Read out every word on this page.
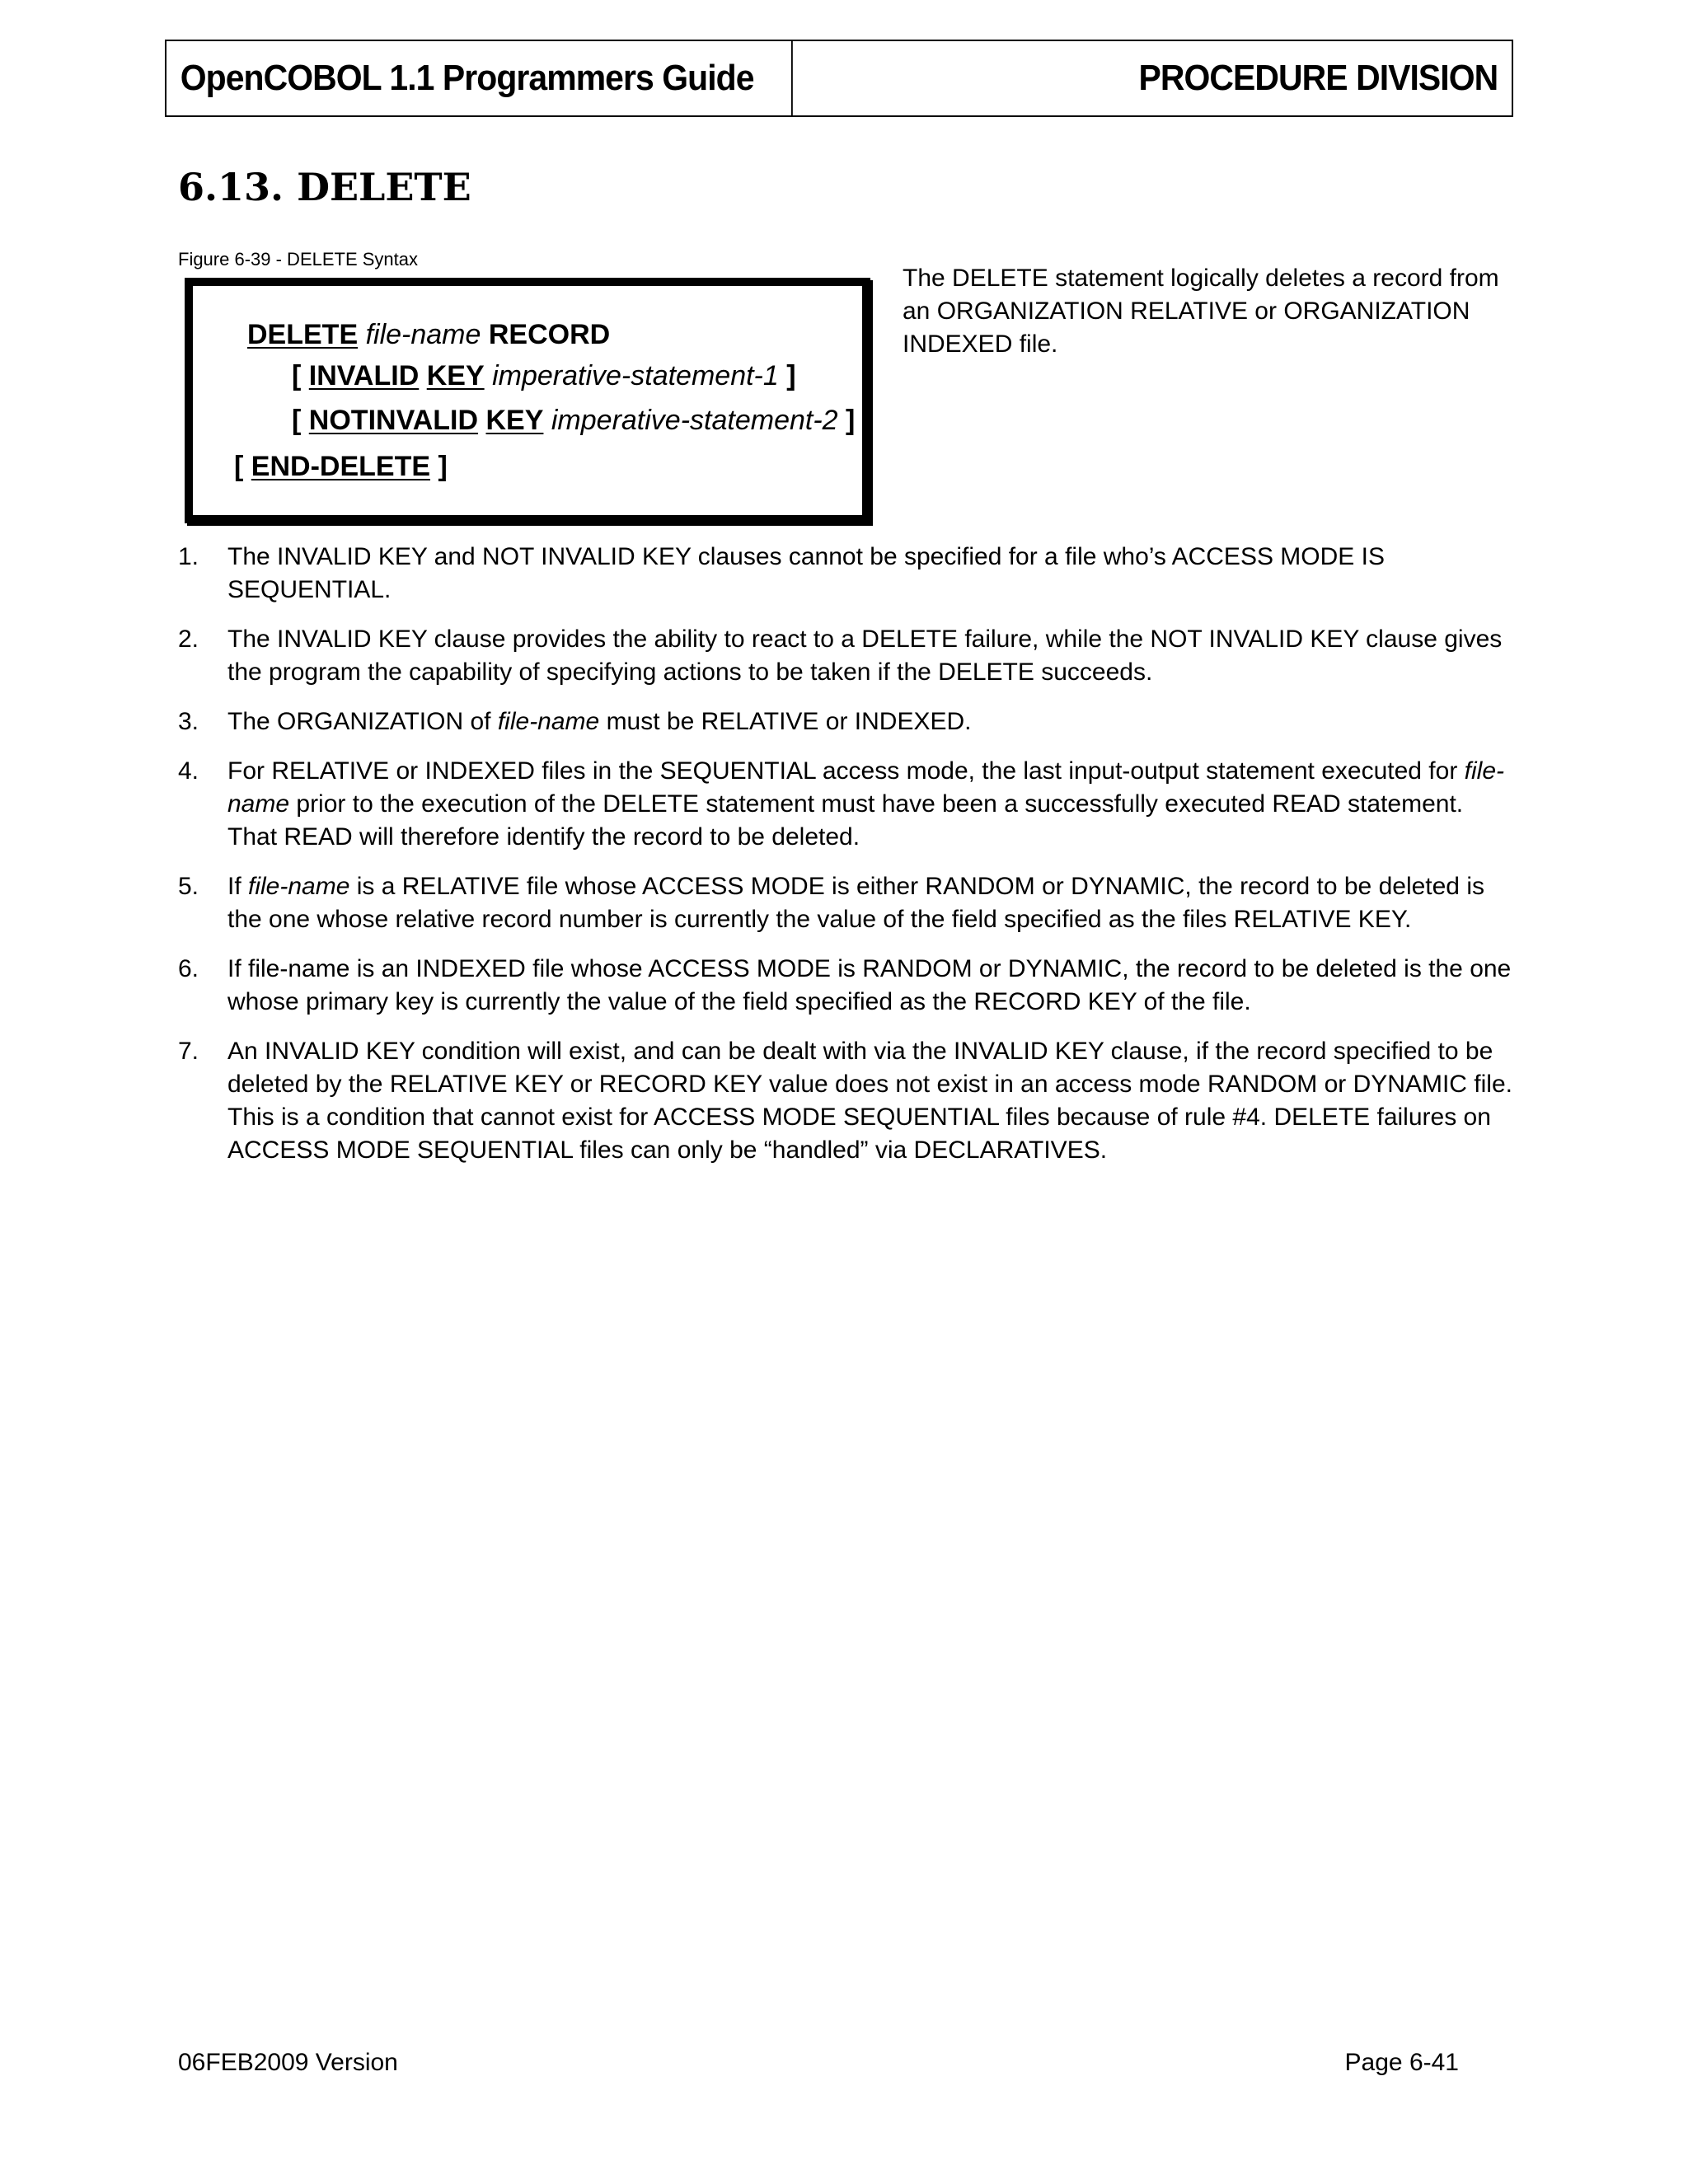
OpenCOBOL 1.1 Programmers Guide	PROCEDURE DIVISION
6.13. DELETE
Figure 6-39 - DELETE Syntax
DELETE file-name RECORD
[ INVALID KEY imperative-statement-1 ]
[ NOTINVALID KEY imperative-statement-2 ]
[ END-DELETE ]

The DELETE statement logically deletes a record from an ORGANIZATION RELATIVE or ORGANIZATION INDEXED file.

1. The INVALID KEY and NOT INVALID KEY clauses cannot be specified for a file who’s ACCESS MODE IS SEQUENTIAL.
2. The INVALID KEY clause provides the ability to react to a DELETE failure, while the NOT INVALID KEY clause gives the program the capability of specifying actions to be taken if the DELETE succeeds.
3. The ORGANIZATION of file-name must be RELATIVE or INDEXED.
4. For RELATIVE or INDEXED files in the SEQUENTIAL access mode, the last input-output statement executed for file-name prior to the execution of the DELETE statement must have been a successfully executed READ statement. That READ will therefore identify the record to be deleted.
5. If file-name is a RELATIVE file whose ACCESS MODE is either RANDOM or DYNAMIC, the record to be deleted is the one whose relative record number is currently the value of the field specified as the files RELATIVE KEY.
6. If file-name is an INDEXED file whose ACCESS MODE is RANDOM or DYNAMIC, the record to be deleted is the one whose primary key is currently the value of the field specified as the RECORD KEY of the file.
7. An INVALID KEY condition will exist, and can be dealt with via the INVALID KEY clause, if the record specified to be deleted by the RELATIVE KEY or RECORD KEY value does not exist in an access mode RANDOM or DYNAMIC file. This is a condition that cannot exist for ACCESS MODE SEQUENTIAL files because of rule #4. DELETE failures on ACCESS MODE SEQUENTIAL files can only be “handled” via DECLARATIVES.
06FEB2009 Version	Page 6-41
